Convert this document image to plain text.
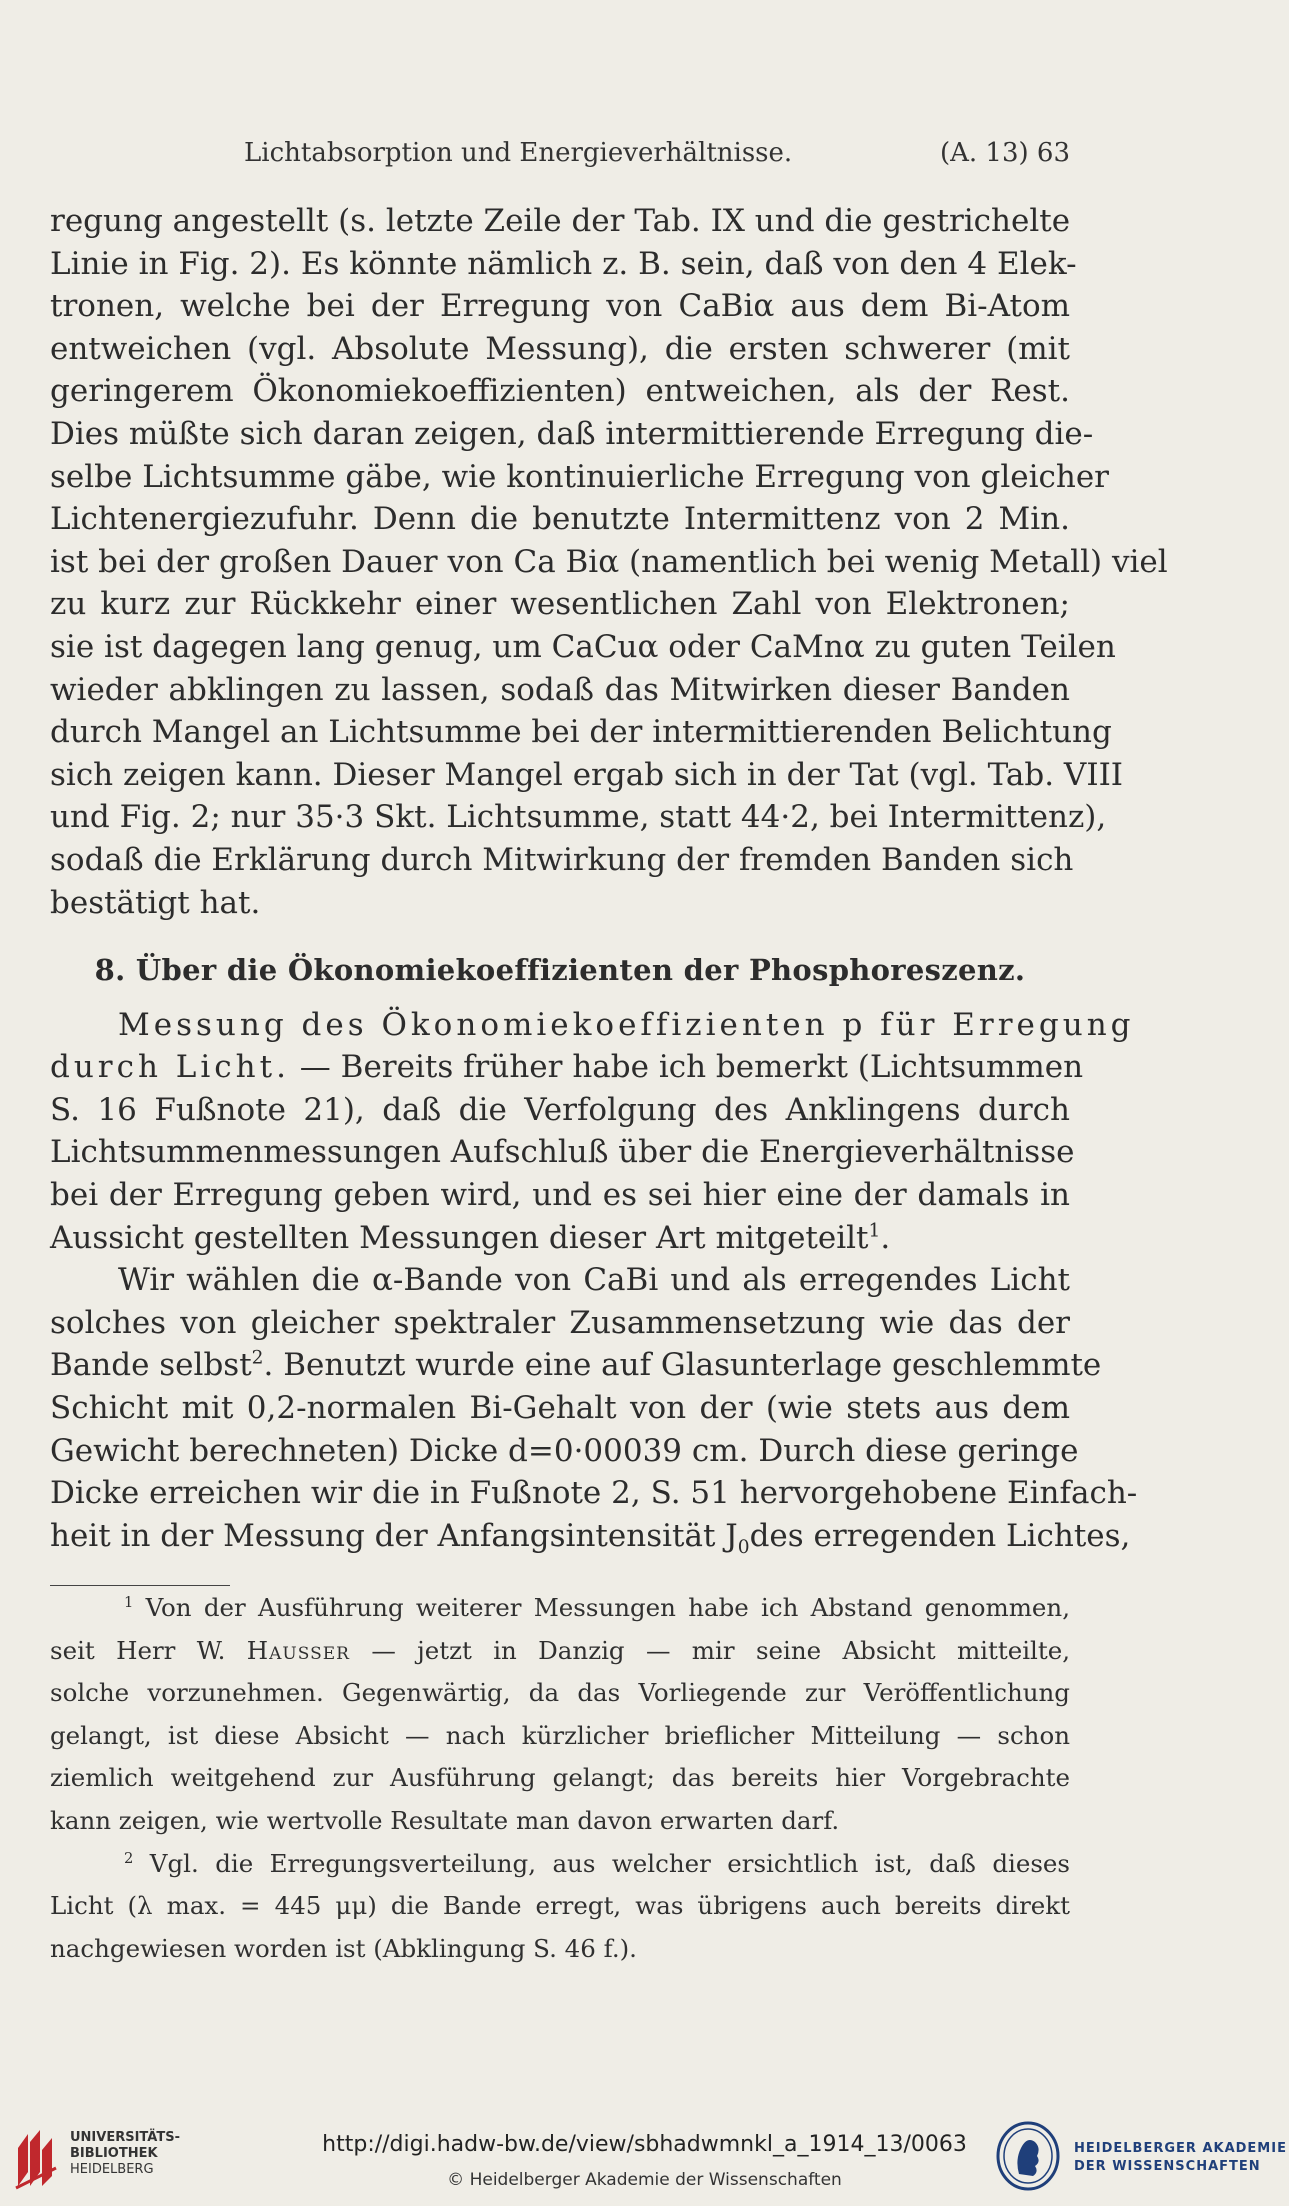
Lichtabsorption und Energieverhältnisse.	(A. 13) 63
regung angestellt (s. letzte Zeile der Tab. IX und die gestrichelte
Linie in Fig. 2). Es könnte nämlich z. B. sein, daß von den 4 Elek-
tronen, welche bei der Erregung von CaBiα aus dem Bi-Atom
entweichen (vgl. Absolute Messung), die ersten schwerer (mit
geringerem Ökonomiekoeffizienten) entweichen, als der Rest.
Dies müßte sich daran zeigen, daß intermittierende Erregung die-
selbe Lichtsumme gäbe, wie kontinuierliche Erregung von gleicher
Lichtenergiezufuhr. Denn die benutzte Intermittenz von 2 Min.
ist bei der großen Dauer von Ca Biα (namentlich bei wenig Metall) viel
zu kurz zur Rückkehr einer wesentlichen Zahl von Elektronen;
sie ist dagegen lang genug, um CaCuα oder CaMnα zu guten Teilen
wieder abklingen zu lassen, sodaß das Mitwirken dieser Banden
durch Mangel an Lichtsumme bei der intermittierenden Belichtung
sich zeigen kann. Dieser Mangel ergab sich in der Tat (vgl. Tab. VIII
und Fig. 2; nur 35·3 Skt. Lichtsumme, statt 44·2, bei Intermittenz),
sodaß die Erklärung durch Mitwirkung der fremden Banden sich
bestätigt hat.
8. Über die Ökonomiekoeffizienten der Phosphoreszenz.
Messung des Ökonomiekoeffizienten p für Erregung
durch Licht. — Bereits früher habe ich bemerkt (Lichtsummen
S. 16 Fußnote 21), daß die Verfolgung des Anklingens durch
Lichtsummenmessungen Aufschluß über die Energieverhältnisse
bei der Erregung geben wird, und es sei hier eine der damals in
Aussicht gestellten Messungen dieser Art mitgeteilt$^1$.
Wir wählen die α-Bande von CaBi und als erregendes Licht
solches von gleicher spektraler Zusammensetzung wie das der
Bande selbst$^2$. Benutzt wurde eine auf Glasunterlage geschlemmte
Schicht mit 0,2-normalen Bi-Gehalt von der (wie stets aus dem
Gewicht berechneten) Dicke d=0·00039 cm. Durch diese geringe
Dicke erreichen wir die in Fußnote 2, S. 51 hervorgehobene Einfach-
heit in der Messung der Anfangsintensität $J_0des$ erregenden Lichtes,
$^1$ Von der Ausführung weiterer Messungen habe ich Abstand genommen,
seit Herr W. Hausser — jetzt in Danzig — mir seine Absicht mitteilte,
solche vorzunehmen. Gegenwärtig, da das Vorliegende zur Veröffentlichung
gelangt, ist diese Absicht — nach kürzlicher brieflicher Mitteilung — schon
ziemlich weitgehend zur Ausführung gelangt; das bereits hier Vorgebrachte
kann zeigen, wie wertvolle Resultate man davon erwarten darf.
$^2$ Vgl. die Erregungsverteilung, aus welcher ersichtlich ist, daß dieses
Licht (λ max. = 445 μμ) die Bande erregt, was übrigens auch bereits direkt
nachgewiesen worden ist (Abklingung S. 46 f.).
UNIVERSITÄTS-
BIBLIOTHEK
HEIDELBERG
http://digi.hadw-bw.de/view/sbhadwmnkl_a_1914_13/0063
© Heidelberger Akademie der Wissenschaften
HEIDELBERGER AKADEMIE
DER WISSENSCHAFTEN
